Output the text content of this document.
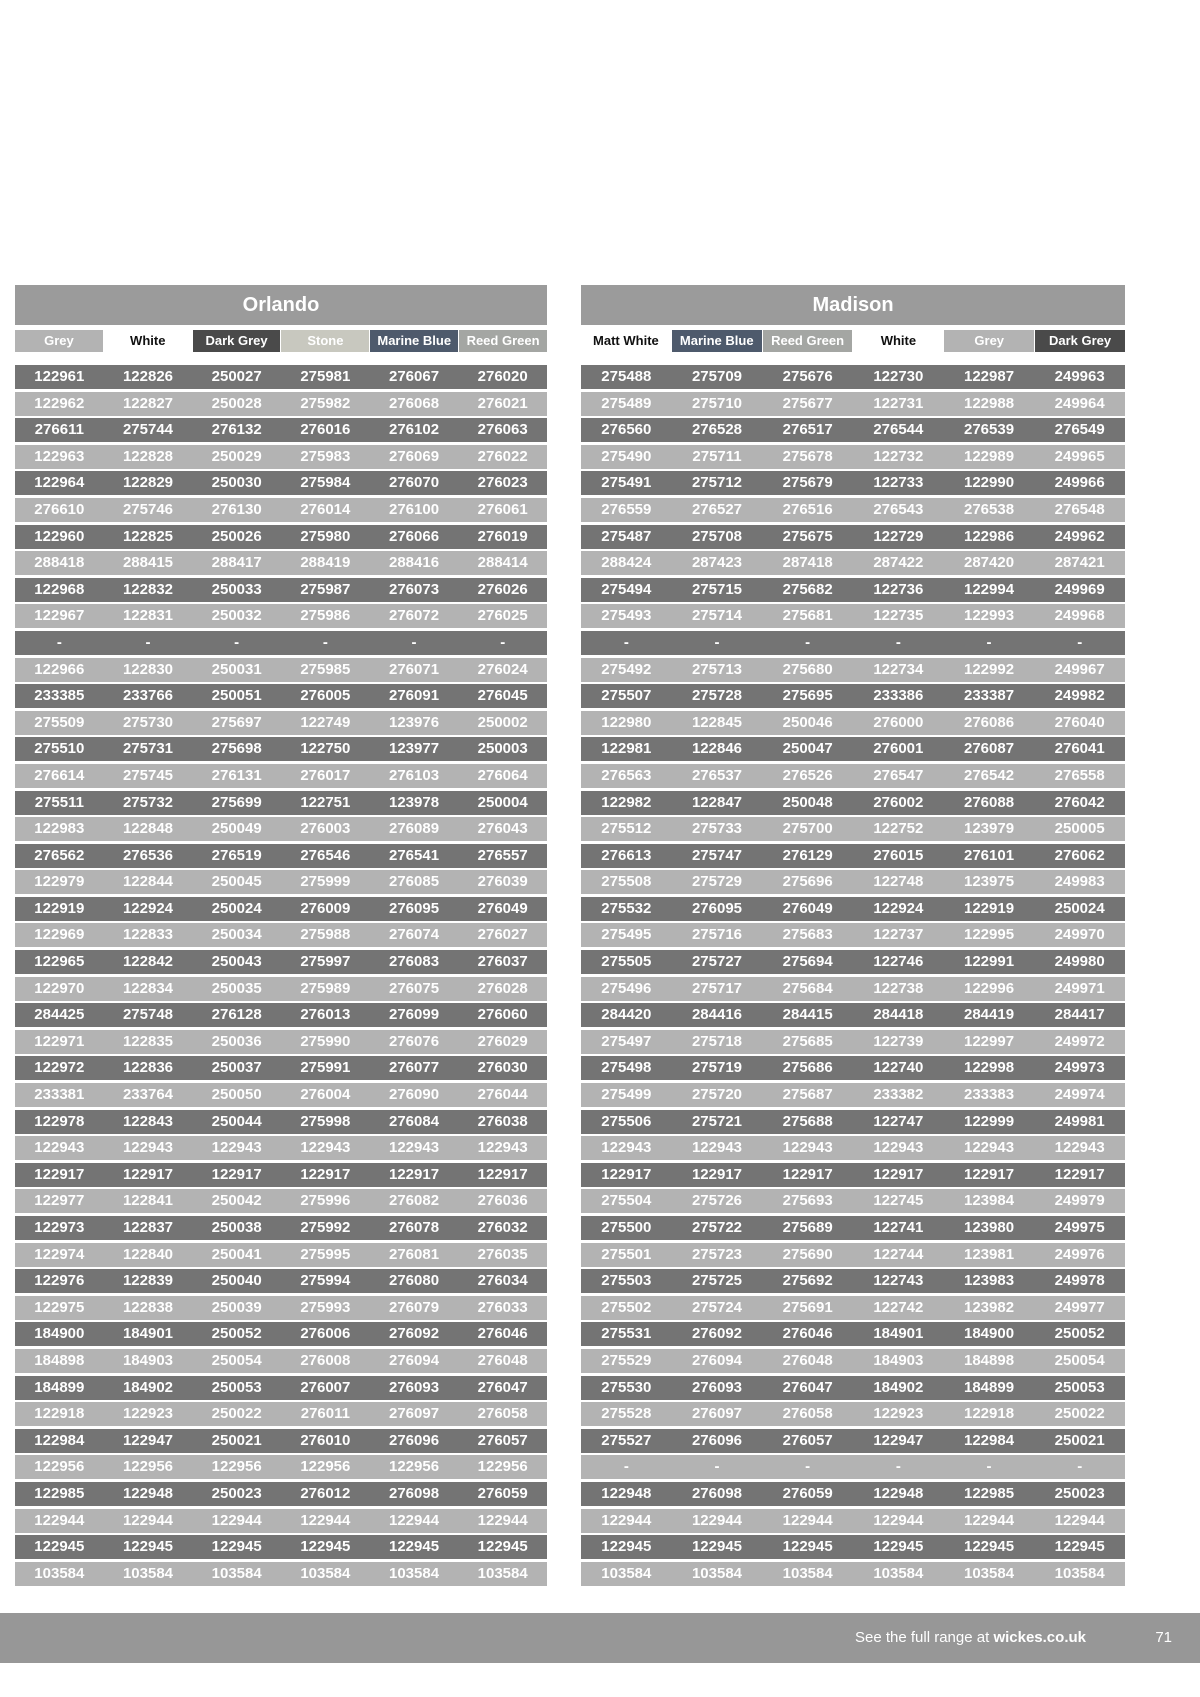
Orlando
Grey	White	Dark Grey	Stone	Marine Blue	Reed Green
122961	122826	250027	275981	276067	276020
122962	122827	250028	275982	276068	276021
276611	275744	276132	276016	276102	276063
122963	122828	250029	275983	276069	276022
122964	122829	250030	275984	276070	276023
276610	275746	276130	276014	276100	276061
122960	122825	250026	275980	276066	276019
288418	288415	288417	288419	288416	288414
122968	122832	250033	275987	276073	276026
122967	122831	250032	275986	276072	276025
-	-	-	-	-	-
122966	122830	250031	275985	276071	276024
233385	233766	250051	276005	276091	276045
275509	275730	275697	122749	123976	250002
275510	275731	275698	122750	123977	250003
276614	275745	276131	276017	276103	276064
275511	275732	275699	122751	123978	250004
122983	122848	250049	276003	276089	276043
276562	276536	276519	276546	276541	276557
122979	122844	250045	275999	276085	276039
122919	122924	250024	276009	276095	276049
122969	122833	250034	275988	276074	276027
122965	122842	250043	275997	276083	276037
122970	122834	250035	275989	276075	276028
284425	275748	276128	276013	276099	276060
122971	122835	250036	275990	276076	276029
122972	122836	250037	275991	276077	276030
233381	233764	250050	276004	276090	276044
122978	122843	250044	275998	276084	276038
122943	122943	122943	122943	122943	122943
122917	122917	122917	122917	122917	122917
122977	122841	250042	275996	276082	276036
122973	122837	250038	275992	276078	276032
122974	122840	250041	275995	276081	276035
122976	122839	250040	275994	276080	276034
122975	122838	250039	275993	276079	276033
184900	184901	250052	276006	276092	276046
184898	184903	250054	276008	276094	276048
184899	184902	250053	276007	276093	276047
122918	122923	250022	276011	276097	276058
122984	122947	250021	276010	276096	276057
122956	122956	122956	122956	122956	122956
122985	122948	250023	276012	276098	276059
122944	122944	122944	122944	122944	122944
122945	122945	122945	122945	122945	122945
103584	103584	103584	103584	103584	103584
Madison
Matt White	Marine Blue	Reed Green	White	Grey	Dark Grey
275488	275709	275676	122730	122987	249963
275489	275710	275677	122731	122988	249964
276560	276528	276517	276544	276539	276549
275490	275711	275678	122732	122989	249965
275491	275712	275679	122733	122990	249966
276559	276527	276516	276543	276538	276548
275487	275708	275675	122729	122986	249962
288424	287423	287418	287422	287420	287421
275494	275715	275682	122736	122994	249969
275493	275714	275681	122735	122993	249968
-	-	-	-	-	-
275492	275713	275680	122734	122992	249967
275507	275728	275695	233386	233387	249982
122980	122845	250046	276000	276086	276040
122981	122846	250047	276001	276087	276041
276563	276537	276526	276547	276542	276558
122982	122847	250048	276002	276088	276042
275512	275733	275700	122752	123979	250005
276613	275747	276129	276015	276101	276062
275508	275729	275696	122748	123975	249983
275532	276095	276049	122924	122919	250024
275495	275716	275683	122737	122995	249970
275505	275727	275694	122746	122991	249980
275496	275717	275684	122738	122996	249971
284420	284416	284415	284418	284419	284417
275497	275718	275685	122739	122997	249972
275498	275719	275686	122740	122998	249973
275499	275720	275687	233382	233383	249974
275506	275721	275688	122747	122999	249981
122943	122943	122943	122943	122943	122943
122917	122917	122917	122917	122917	122917
275504	275726	275693	122745	123984	249979
275500	275722	275689	122741	123980	249975
275501	275723	275690	122744	123981	249976
275503	275725	275692	122743	123983	249978
275502	275724	275691	122742	123982	249977
275531	276092	276046	184901	184900	250052
275529	276094	276048	184903	184898	250054
275530	276093	276047	184902	184899	250053
275528	276097	276058	122923	122918	250022
275527	276096	276057	122947	122984	250021
-	-	-	-	-	-
122948	276098	276059	122948	122985	250023
122944	122944	122944	122944	122944	122944
122945	122945	122945	122945	122945	122945
103584	103584	103584	103584	103584	103584
See the full range at wickes.co.uk	71
